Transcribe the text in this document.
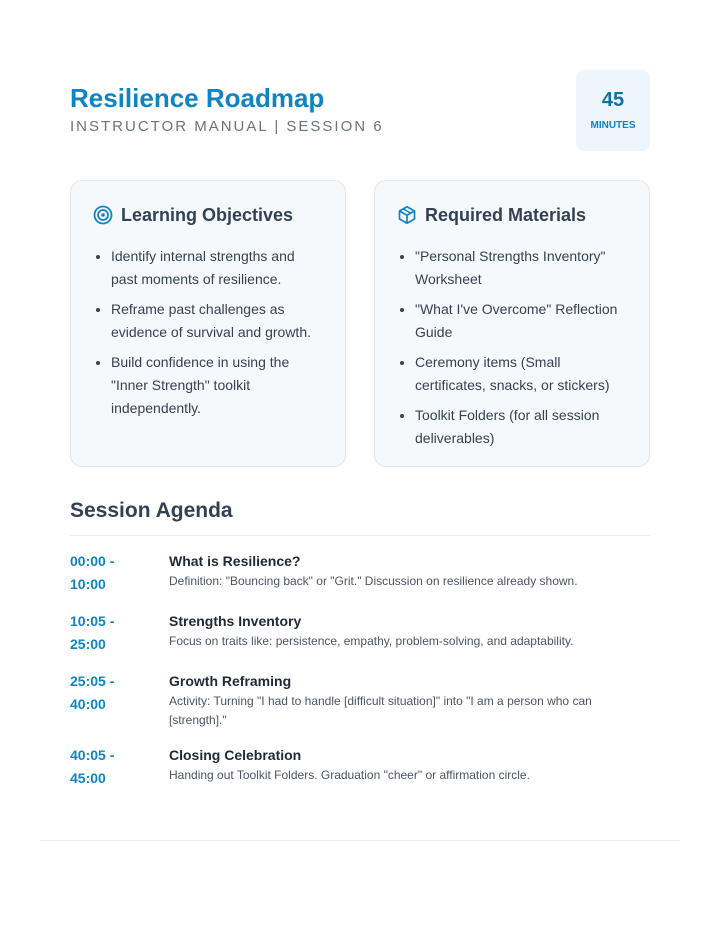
Resilience Roadmap
INSTRUCTOR MANUAL | SESSION 6
45
MINUTES
Learning Objectives
• Identify internal strengths and past moments of resilience.
• Reframe past challenges as evidence of survival and growth.
• Build confidence in using the "Inner Strength" toolkit independently.
Required Materials
• "Personal Strengths Inventory" Worksheet
• "What I've Overcome" Reflection Guide
• Ceremony items (Small certificates, snacks, or stickers)
• Toolkit Folders (for all session deliverables)
Session Agenda
00:00 -
10:00
What is Resilience?
Definition: "Bouncing back" or "Grit." Discussion on resilience already shown.
10:05 -
25:00
Strengths Inventory
Focus on traits like: persistence, empathy, problem-solving, and adaptability.
25:05 -
40:00
Growth Reframing
Activity: Turning "I had to handle [difficult situation]" into "I am a person who can [strength]."
40:05 -
45:00
Closing Celebration
Handing out Toolkit Folders. Graduation "cheer" or affirmation circle.
